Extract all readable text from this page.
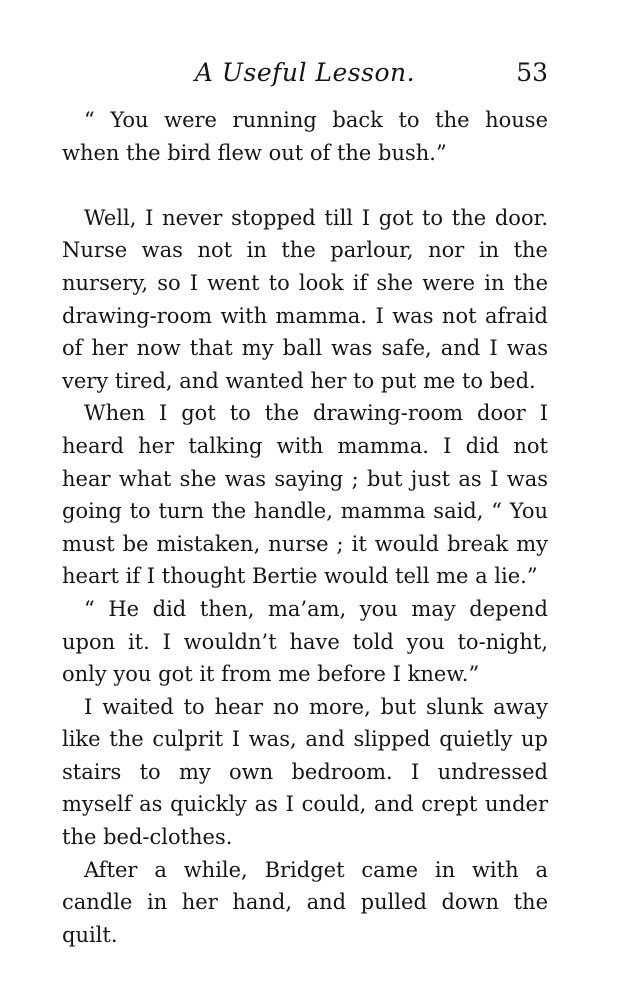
A Useful Lesson.	53

“ You were running back to the house when the bird flew out of the bush.”

Well, I never stopped till I got to the door. Nurse was not in the parlour, nor in the nursery, so I went to look if she were in the drawing-room with mamma. I was not afraid of her now that my ball was safe, and I was very tired, and wanted her to put me to bed.

When I got to the drawing-room door I heard her talking with mamma. I did not hear what she was saying ; but just as I was going to turn the handle, mamma said, “ You must be mistaken, nurse ; it would break my heart if I thought Bertie would tell me a lie.”

“ He did then, ma’am, you may depend upon it. I wouldn’t have told you to-night, only you got it from me before I knew.”

I waited to hear no more, but slunk away like the culprit I was, and slipped quietly up stairs to my own bedroom. I undressed myself as quickly as I could, and crept under the bed-clothes.

After a while, Bridget came in with a candle in her hand, and pulled down the quilt.
